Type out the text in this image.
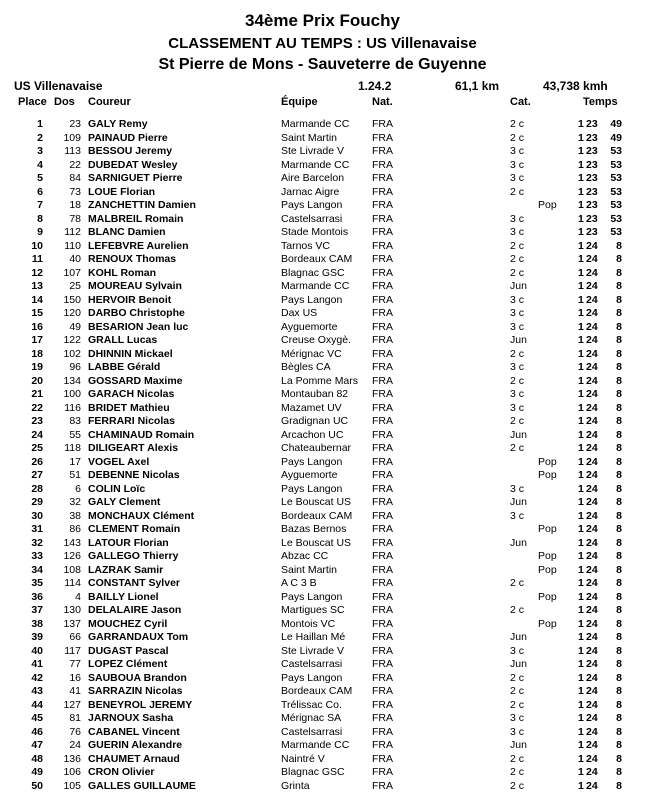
34ème Prix Fouchy
CLASSEMENT AU TEMPS : US Villenavaise
St Pierre de Mons - Sauveterre de Guyenne
US Villenavaise	1.24.2	61,1 km	43,738 kmh
Place Dos Coureur	Équipe	Nat.	Cat.	Temps
1	23 GALY Remy	Marmande CC	FRA	2 c	1 23	49
2	109 PAINAUD Pierre	Saint Martin	FRA	2 c	1 23	49
3	113 BESSOU Jeremy	Ste Livrade V	FRA	3 c	1 23	53
4	22 DUBEDAT Wesley	Marmande CC	FRA	3 c	1 23	53
5	84 SARNIGUET Pierre	Aire Barcelon	FRA	3 c	1 23	53
6	73 LOUE Florian	Jarnac Aigre	FRA	2 c	1 23	53
7	18 ZANCHETTIN Damien	Pays Langon	FRA	Pop	1 23	53
8	78 MALBREIL Romain	Castelsarrasi	FRA	3 c	1 23	53
9	112 BLANC Damien	Stade Montois	FRA	3 c	1 23	53
10	110 LEFEBVRE Aurelien	Tarnos VC	FRA	2 c	1 24	8
11	40 RENOUX Thomas	Bordeaux CAM	FRA	2 c	1 24	8
12	107 KOHL Roman	Blagnac GSC	FRA	2 c	1 24	8
13	25 MOUREAU Sylvain	Marmande CC	FRA	Jun	1 24	8
14	150 HERVOIR Benoit	Pays Langon	FRA	3 c	1 24	8
15	120 DARBO Christophe	Dax US	FRA	3 c	1 24	8
16	49 BESARION Jean luc	Ayguemorte	FRA	3 c	1 24	8
17	122 GRALL Lucas	Creuse Oxygè.	FRA	Jun	1 24	8
18	102 DHINNIN Mickael	Mérignac VC	FRA	2 c	1 24	8
19	96 LABBE Gérald	Bègles CA	FRA	3 c	1 24	8
20	134 GOSSARD Maxime	La Pomme Mars	FRA	2 c	1 24	8
21	100 GARACH Nicolas	Montauban 82	FRA	3 c	1 24	8
22	116 BRIDET Mathieu	Mazamet UV	FRA	3 c	1 24	8
23	83 FERRARI Nicolas	Gradignan UC	FRA	2 c	1 24	8
24	55 CHAMINAUD Romain	Arcachon UC	FRA	Jun	1 24	8
25	118 DILIGEART Alexis	Chateaubernar	FRA	2 c	1 24	8
26	17 VOGEL Axel	Pays Langon	FRA	Pop	1 24	8
27	51 DEBENNE Nicolas	Ayguemorte	FRA	Pop	1 24	8
28	6 COLIN Loïc	Pays Langon	FRA	3 c	1 24	8
29	32 GALY Clement	Le Bouscat US	FRA	Jun	1 24	8
30	38 MONCHAUX Clément	Bordeaux CAM	FRA	3 c	1 24	8
31	86 CLEMENT Romain	Bazas Bernos	FRA	Pop	1 24	8
32	143 LATOUR Florian	Le Bouscat US	FRA	Jun	1 24	8
33	126 GALLEGO Thierry	Abzac CC	FRA	Pop	1 24	8
34	108 LAZRAK Samir	Saint Martin	FRA	Pop	1 24	8
35	114 CONSTANT Sylver	A C 3 B	FRA	2 c	1 24	8
36	4 BAILLY Lionel	Pays Langon	FRA	Pop	1 24	8
37	130 DELALAIRE Jason	Martigues SC	FRA	2 c	1 24	8
38	137 MOUCHEZ Cyril	Montois VC	FRA	Pop	1 24	8
39	66 GARRANDAUX Tom	Le Haillan Mé	FRA	Jun	1 24	8
40	117 DUGAST Pascal	Ste Livrade V	FRA	3 c	1 24	8
41	77 LOPEZ Clément	Castelsarrasi	FRA	Jun	1 24	8
42	16 SAUBOUA Brandon	Pays Langon	FRA	2 c	1 24	8
43	41 SARRAZIN Nicolas	Bordeaux CAM	FRA	2 c	1 24	8
44	127 BENEYROL JEREMY	Trélissac Co.	FRA	2 c	1 24	8
45	81 JARNOUX Sasha	Mérignac SA	FRA	3 c	1 24	8
46	76 CABANEL Vincent	Castelsarrasi	FRA	3 c	1 24	8
47	24 GUERIN Alexandre	Marmande CC	FRA	Jun	1 24	8
48	136 CHAUMET Arnaud	Naintré V	FRA	2 c	1 24	8
49	106 CRON Olivier	Blagnac GSC	FRA	2 c	1 24	8
50	105 GALLES GUILLAUME	Grinta	FRA	2 c	1 24	8
